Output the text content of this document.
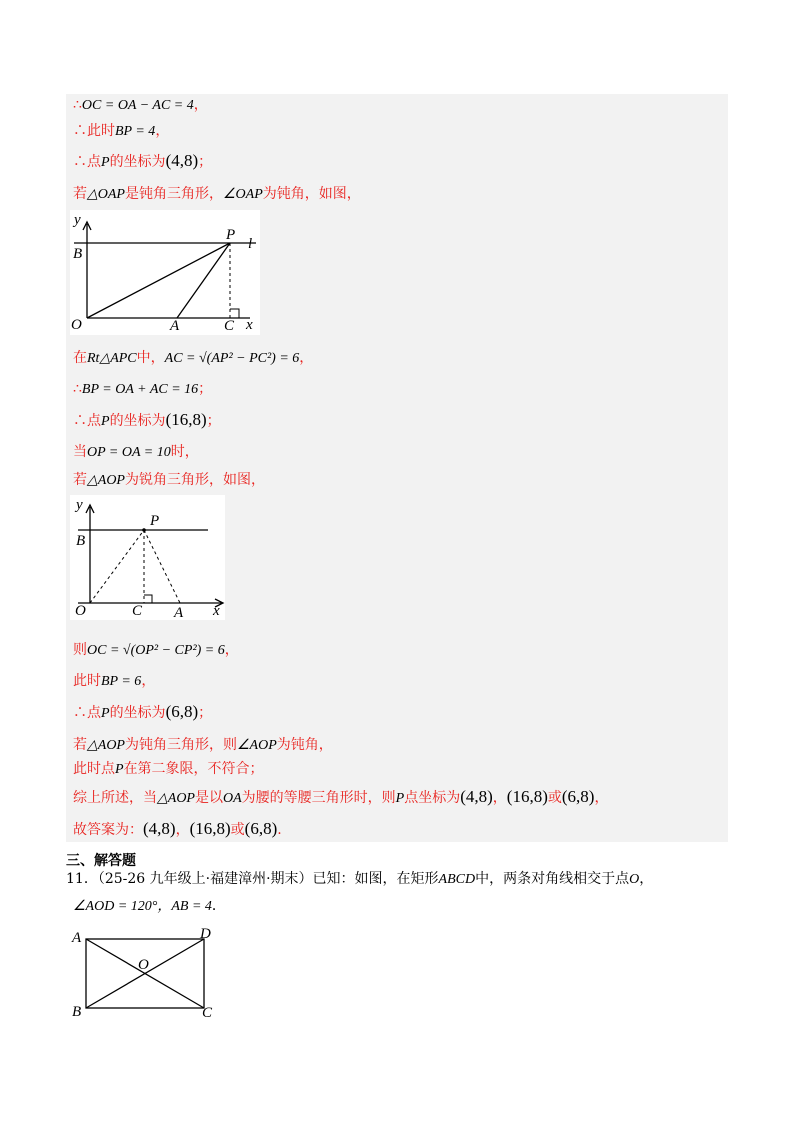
∴OC = OA − AC = 4，
∴此时BP = 4，
∴点P的坐标为(4,8)；
若△OAP是钝角三角形，∠OAP为钝角，如图，
y
P
l
B
O	A	C x
在Rt△APC中，AC = √(AP² − PC²) = 6，
∴BP = OA + AC = 16；
∴点P的坐标为(16,8)；
当OP = OA = 10时，
若△AOP为锐角三角形，如图，
y
P
B
O	C A x
则OC = √(OP² − CP²) = 6，
此时BP = 6，
∴点P的坐标为(6,8)；
若△AOP为钝角三角形，则∠AOP为钝角，
此时点P在第二象限，不符合；
综上所述，当△AOP是以OA为腰的等腰三角形时，则P点坐标为(4,8)，(16,8)或(6,8)，
故答案为：(4,8)，(16,8)或(6,8).
三、解答题
11．（25-26 九年级上·福建漳州·期末）已知：如图，在矩形ABCD中，两条对角线相交于点O，
∠AOD = 120°，AB = 4．
A	D
O
B	C
